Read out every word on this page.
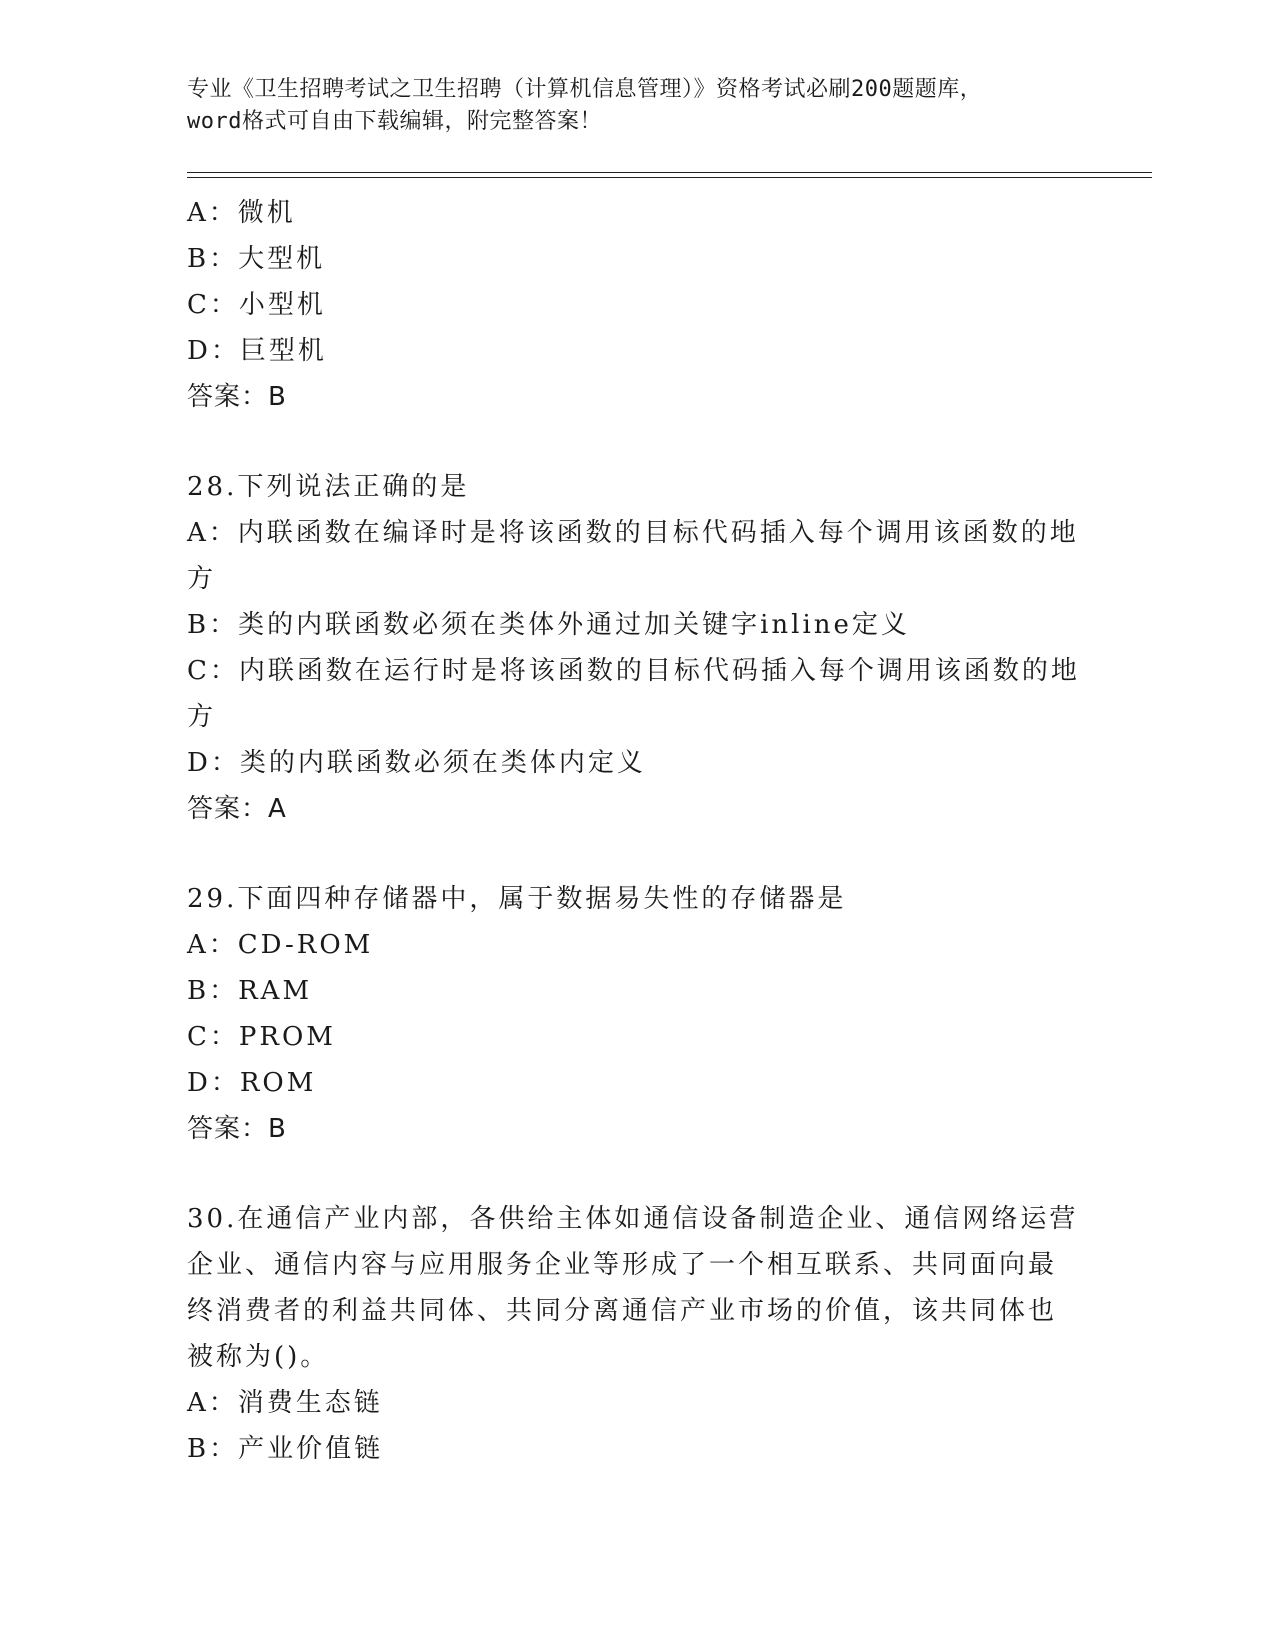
专业《卫生招聘考试之卫生招聘（计算机信息管理）》资格考试必刷200题题库，
word格式可自由下载编辑，附完整答案！
A：微机
B：大型机
C：小型机
D：巨型机
答案：B
28.下列说法正确的是
A：内联函数在编译时是将该函数的目标代码插入每个调用该函数的地
方
B：类的内联函数必须在类体外通过加关键字inline定义
C：内联函数在运行时是将该函数的目标代码插入每个调用该函数的地
方
D：类的内联函数必须在类体内定义
答案：A
29.下面四种存储器中，属于数据易失性的存储器是
A：CD-ROM
B：RAM
C：PROM
D：ROM
答案：B
30.在通信产业内部，各供给主体如通信设备制造企业、通信网络运营
企业、通信内容与应用服务企业等形成了一个相互联系、共同面向最
终消费者的利益共同体、共同分离通信产业市场的价值，该共同体也
被称为()。
A：消费生态链
B：产业价值链
